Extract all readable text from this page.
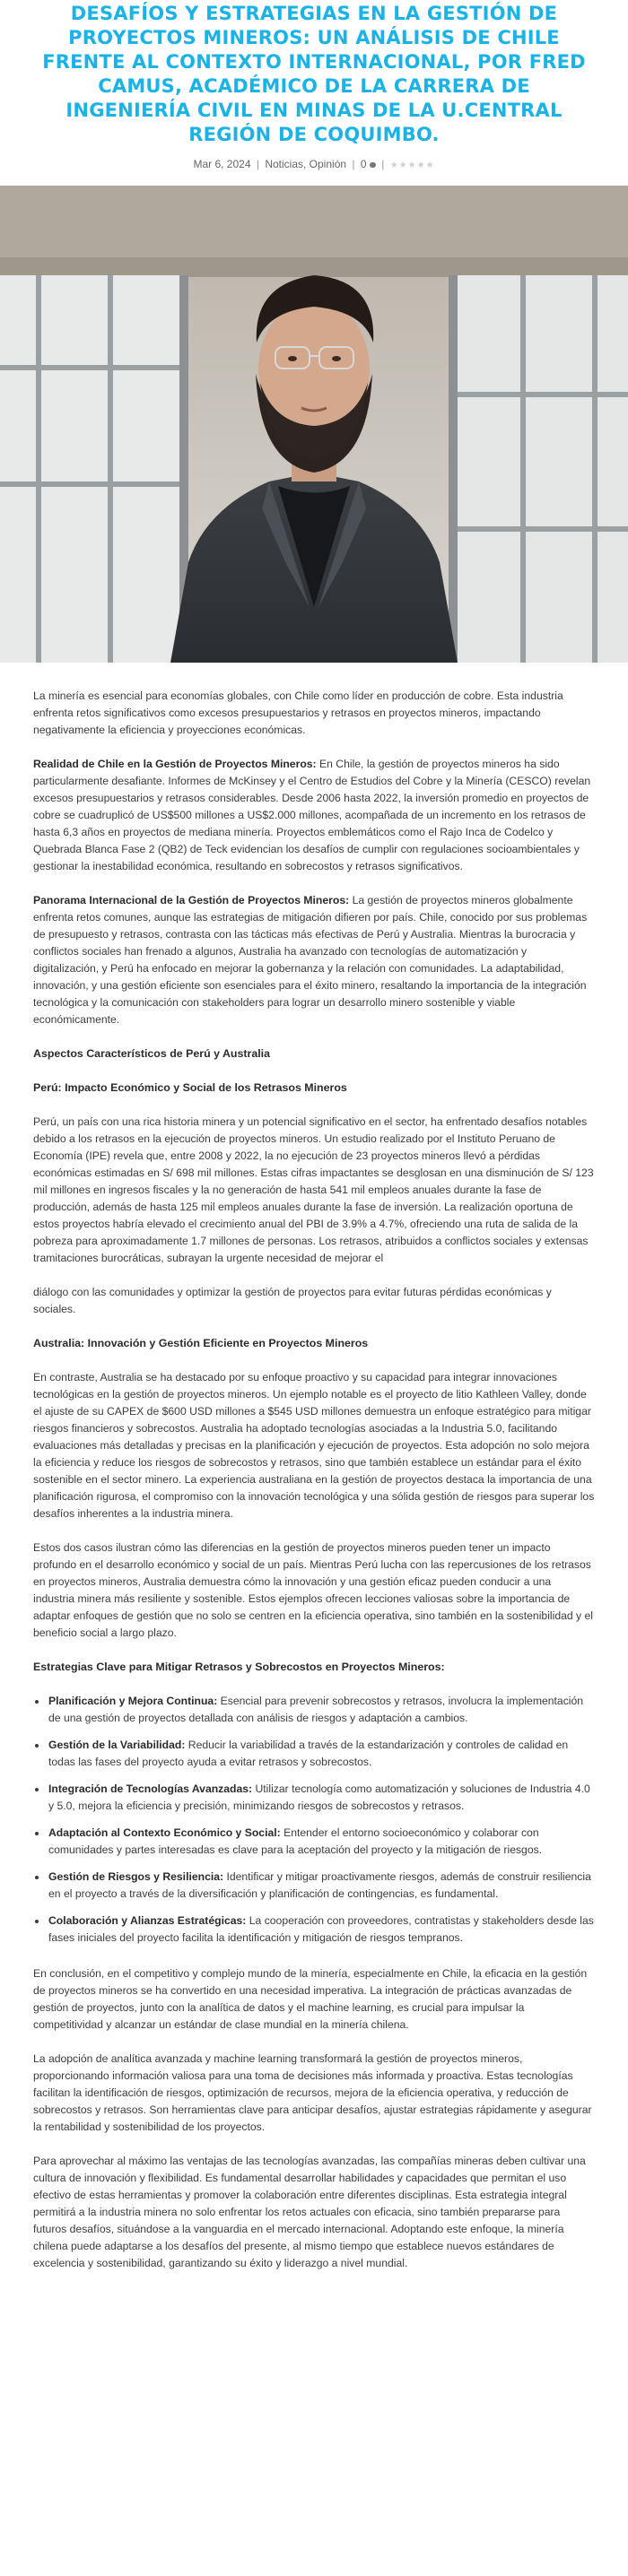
DESAFÍOS Y ESTRATEGIAS EN LA GESTIÓN DE PROYECTOS MINEROS: UN ANÁLISIS DE CHILE FRENTE AL CONTEXTO INTERNACIONAL, POR FRED CAMUS, ACADÉMICO DE LA CARRERA DE INGENIERÍA CIVIL EN MINAS DE LA U.CENTRAL REGIÓN DE COQUIMBO.
Mar 6, 2024 | Noticias, Opinión | 0 | ★★★★★

La minería es esencial para economías globales, con Chile como líder en producción de cobre. Esta industria enfrenta retos significativos como excesos presupuestarios y retrasos en proyectos mineros, impactando negativamente la eficiencia y proyecciones económicas.

Realidad de Chile en la Gestión de Proyectos Mineros: En Chile, la gestión de proyectos mineros ha sido particularmente desafiante. Informes de McKinsey y el Centro de Estudios del Cobre y la Minería (CESCO) revelan excesos presupuestarios y retrasos considerables. Desde 2006 hasta 2022, la inversión promedio en proyectos de cobre se cuadruplicó de US$500 millones a US$2.000 millones, acompañada de un incremento en los retrasos de hasta 6,3 años en proyectos de mediana minería. Proyectos emblemáticos como el Rajo Inca de Codelco y Quebrada Blanca Fase 2 (QB2) de Teck evidencian los desafíos de cumplir con regulaciones socioambientales y gestionar la inestabilidad económica, resultando en sobrecostos y retrasos significativos.

Panorama Internacional de la Gestión de Proyectos Mineros: La gestión de proyectos mineros globalmente enfrenta retos comunes, aunque las estrategias de mitigación difieren por país. Chile, conocido por sus problemas de presupuesto y retrasos, contrasta con las tácticas más efectivas de Perú y Australia. Mientras la burocracia y conflictos sociales han frenado a algunos, Australia ha avanzado con tecnologías de automatización y digitalización, y Perú ha enfocado en mejorar la gobernanza y la relación con comunidades. La adaptabilidad, innovación, y una gestión eficiente son esenciales para el éxito minero, resaltando la importancia de la integración tecnológica y la comunicación con stakeholders para lograr un desarrollo minero sostenible y viable económicamente.

Aspectos Característicos de Perú y Australia
Perú: Impacto Económico y Social de los Retrasos Mineros

Perú, un país con una rica historia minera y un potencial significativo en el sector, ha enfrentado desafíos notables debido a los retrasos en la ejecución de proyectos mineros. Un estudio realizado por el Instituto Peruano de Economía (IPE) revela que, entre 2008 y 2022, la no ejecución de 23 proyectos mineros llevó a pérdidas económicas estimadas en S/ 698 mil millones. Estas cifras impactantes se desglosan en una disminución de S/ 123 mil millones en ingresos fiscales y la no generación de hasta 541 mil empleos anuales durante la fase de producción, además de hasta 125 mil empleos anuales durante la fase de inversión. La realización oportuna de estos proyectos habría elevado el crecimiento anual del PBI de 3.9% a 4.7%, ofreciendo una ruta de salida de la pobreza para aproximadamente 1.7 millones de personas. Los retrasos, atribuidos a conflictos sociales y extensas tramitaciones burocráticas, subrayan la urgente necesidad de mejorar el

diálogo con las comunidades y optimizar la gestión de proyectos para evitar futuras pérdidas económicas y sociales.

Australia: Innovación y Gestión Eficiente en Proyectos Mineros

En contraste, Australia se ha destacado por su enfoque proactivo y su capacidad para integrar innovaciones tecnológicas en la gestión de proyectos mineros. Un ejemplo notable es el proyecto de litio Kathleen Valley, donde el ajuste de su CAPEX de $600 USD millones a $545 USD millones demuestra un enfoque estratégico para mitigar riesgos financieros y sobrecostos. Australia ha adoptado tecnologías asociadas a la Industria 5.0, facilitando evaluaciones más detalladas y precisas en la planificación y ejecución de proyectos. Esta adopción no solo mejora la eficiencia y reduce los riesgos de sobrecostos y retrasos, sino que también establece un estándar para el éxito sostenible en el sector minero. La experiencia australiana en la gestión de proyectos destaca la importancia de una planificación rigurosa, el compromiso con la innovación tecnológica y una sólida gestión de riesgos para superar los desafíos inherentes a la industria minera.

Estos dos casos ilustran cómo las diferencias en la gestión de proyectos mineros pueden tener un impacto profundo en el desarrollo económico y social de un país. Mientras Perú lucha con las repercusiones de los retrasos en proyectos mineros, Australia demuestra cómo la innovación y una gestión eficaz pueden conducir a una industria minera más resiliente y sostenible. Estos ejemplos ofrecen lecciones valiosas sobre la importancia de adaptar enfoques de gestión que no solo se centren en la eficiencia operativa, sino también en la sostenibilidad y el beneficio social a largo plazo.

Estrategias Clave para Mitigar Retrasos y Sobrecostos en Proyectos Mineros:
• Planificación y Mejora Continua: Esencial para prevenir sobrecostos y retrasos, involucra la implementación de una gestión de proyectos detallada con análisis de riesgos y adaptación a cambios.
• Gestión de la Variabilidad: Reducir la variabilidad a través de la estandarización y controles de calidad en todas las fases del proyecto ayuda a evitar retrasos y sobrecostos.
• Integración de Tecnologías Avanzadas: Utilizar tecnología como automatización y soluciones de Industria 4.0 y 5.0, mejora la eficiencia y precisión, minimizando riesgos de sobrecostos y retrasos.
• Adaptación al Contexto Económico y Social: Entender el entorno socioeconómico y colaborar con comunidades y partes interesadas es clave para la aceptación del proyecto y la mitigación de riesgos.
• Gestión de Riesgos y Resiliencia: Identificar y mitigar proactivamente riesgos, además de construir resiliencia en el proyecto a través de la diversificación y planificación de contingencias, es fundamental.
• Colaboración y Alianzas Estratégicas: La cooperación con proveedores, contratistas y stakeholders desde las fases iniciales del proyecto facilita la identificación y mitigación de riesgos tempranos.

En conclusión, en el competitivo y complejo mundo de la minería, especialmente en Chile, la eficacia en la gestión de proyectos mineros se ha convertido en una necesidad imperativa. La integración de prácticas avanzadas de gestión de proyectos, junto con la analítica de datos y el machine learning, es crucial para impulsar la competitividad y alcanzar un estándar de clase mundial en la minería chilena.

La adopción de analítica avanzada y machine learning transformará la gestión de proyectos mineros, proporcionando información valiosa para una toma de decisiones más informada y proactiva. Estas tecnologías facilitan la identificación de riesgos, optimización de recursos, mejora de la eficiencia operativa, y reducción de sobrecostos y retrasos. Son herramientas clave para anticipar desafíos, ajustar estrategias rápidamente y asegurar la rentabilidad y sostenibilidad de los proyectos.

Para aprovechar al máximo las ventajas de las tecnologías avanzadas, las compañías mineras deben cultivar una cultura de innovación y flexibilidad. Es fundamental desarrollar habilidades y capacidades que permitan el uso efectivo de estas herramientas y promover la colaboración entre diferentes disciplinas. Esta estrategia integral permitirá a la industria minera no solo enfrentar los retos actuales con eficacia, sino también prepararse para futuros desafíos, situándose a la vanguardia en el mercado internacional. Adoptando este enfoque, la minería chilena puede adaptarse a los desafíos del presente, al mismo tiempo que establece nuevos estándares de excelencia y sostenibilidad, garantizando su éxito y liderazgo a nivel mundial.
